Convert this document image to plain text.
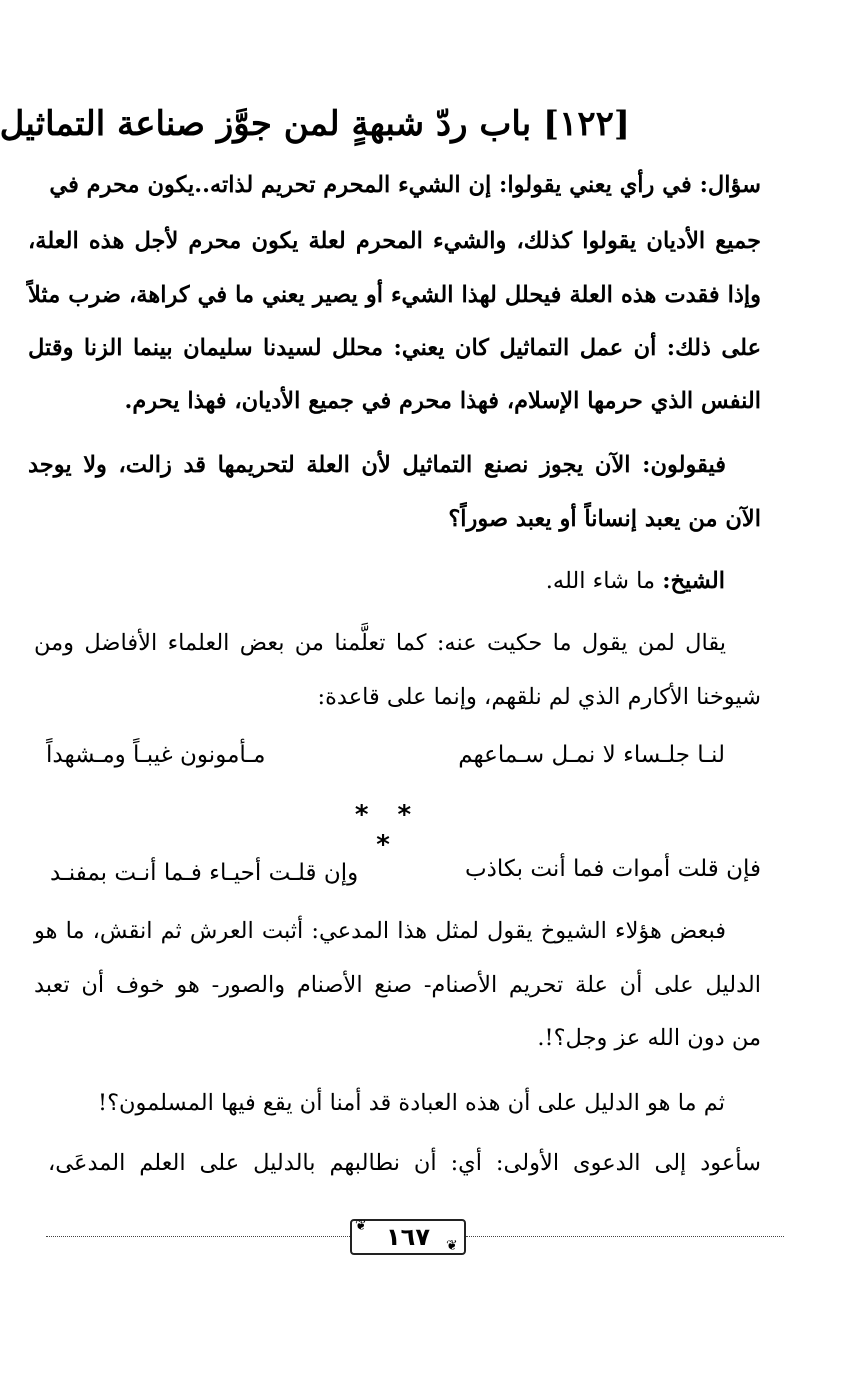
[١٢٢] باب ردّ شبهةٍ لمن جوَّز صناعة التماثيل
سؤال: في رأي يعني يقولوا: إن الشيء المحرم تحريم لذاته..يكون محرم في
جميع الأديان يقولوا كذلك، والشيء المحرم لعلة يكون محرم لأجل هذه العلة،
وإذا فقدت هذه العلة فيحلل لهذا الشيء أو يصير يعني ما في كراهة، ضرب مثلاً
على ذلك: أن عمل التماثيل كان يعني: محلل لسيدنا سليمان بينما الزنا وقتل
النفس الذي حرمها الإسلام، فهذا محرم في جميع الأديان، فهذا يحرم.
فيقولون: الآن يجوز نصنع التماثيل لأن العلة لتحريمها قد زالت، ولا يوجد
الآن من يعبد إنساناً أو يعبد صوراً؟
الشيخ: ما شاء الله.
يقال لمن يقول ما حكيت عنه: كما تعلَّمنا من بعض العلماء الأفاضل ومن
شيوخنا الأكارم الذي لم نلقهم، وإنما على قاعدة:
لنـا جلـساء لا نمـل سـماعهم
مـأمونون غيبـاً ومـشهداً
* * *
فإن قلت أموات فما أنت بكاذب
وإن قلـت أحيـاء فـما أنـت بمفنـد
فبعض هؤلاء الشيوخ يقول لمثل هذا المدعي: أثبت العرش ثم انقش، ما هو
الدليل على أن علة تحريم الأصنام- صنع الأصنام والصور- هو خوف أن تعبد
من دون الله عز وجل؟!.
ثم ما هو الدليل على أن هذه العبادة قد أمنا أن يقع فيها المسلمون؟!
سأعود إلى الدعوى الأولى: أي: أن نطالبهم بالدليل على العلم المدعَى،
١٦٧
❦
❦
